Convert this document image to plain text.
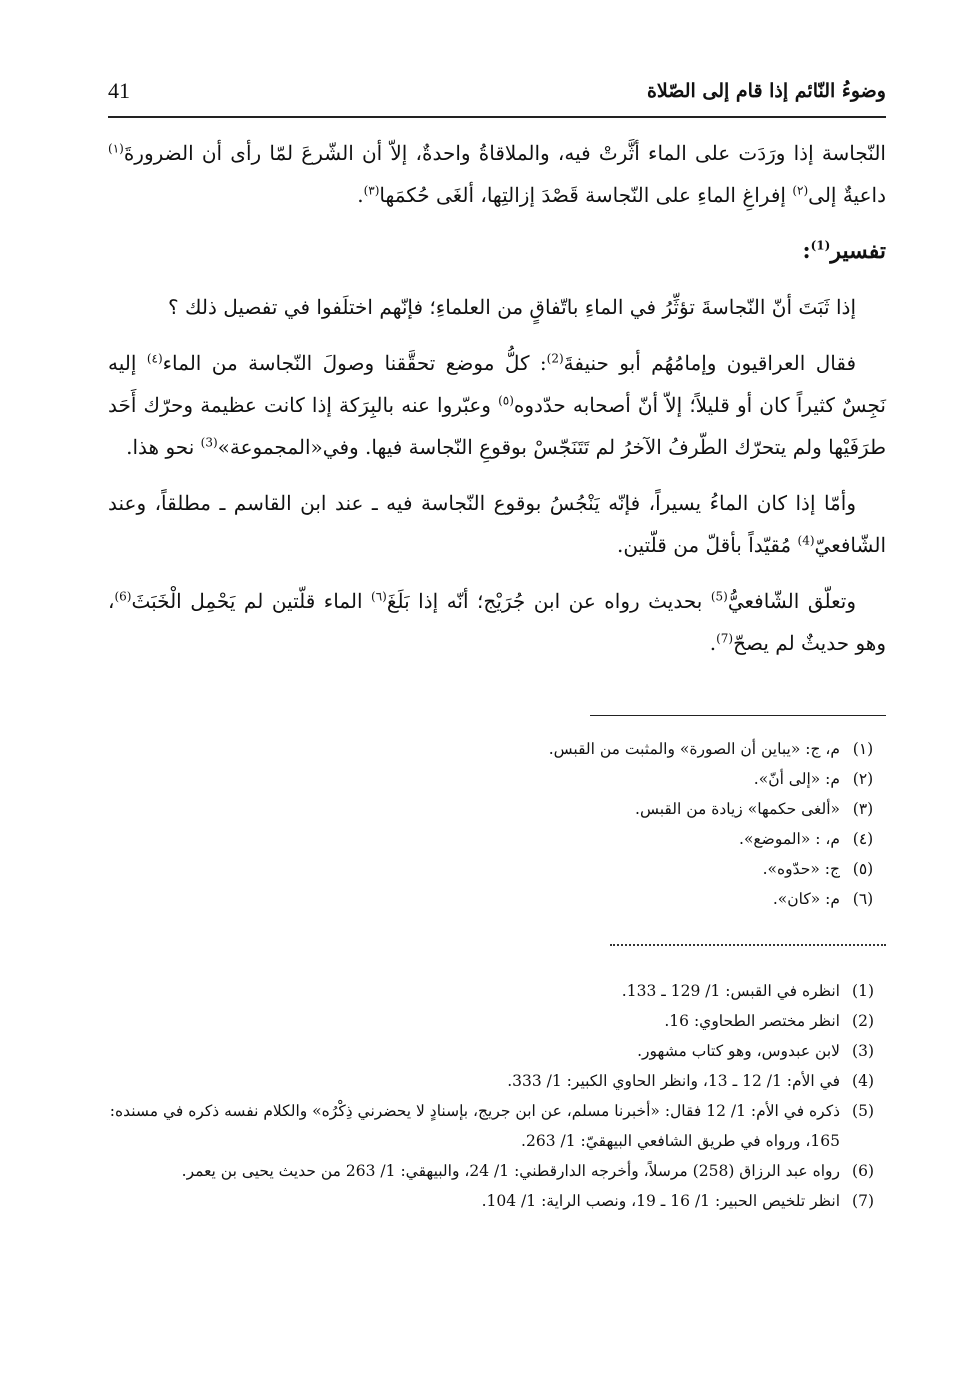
وضوءُ النّائم إذا قام إلى الصّلاة
41

النّجاسة إذا ورَدَت على الماء أثَّرتْ فيه، والملاقاةُ واحدةٌ، إلاّ أن الشّرعَ لمّا رأى أن الضرورةَ$^{(١)}$ داعيةٌ إلى$^{(٢)}$ إفراغِ الماءِ على النّجاسة قَصْدَ إزالتِها، ألغَى حُكمَها$^{(٣)}$.

تفسير$^{(1)}$:

إذا ثَبَتَ أنّ النّجاسةَ تؤثِّرُ في الماءِ باتّفاقٍ من العلماءِ؛ فإنّهم اختلَفوا في تفصيل ذلك ؟

فقال العراقيون وإمامُهُم أبو حنيفةَ$^{(2)}$: كلُّ موضع تحقَّقنا وصولَ النّجاسة من الماء$^{(٤)}$ إليه نَجِسٌ كثيراً كان أو قليلاً؛ إلاّ أنّ أصحابه حدّدوه$^{(٥)}$ وعبّروا عنه بالبِرَكة إذا كانت عظيمة وحرّك أَحَد طرَفَيْها ولم يتحرّك الطّرفُ الآخرُ لم تَتَنَجّسْ بوقوعِ النّجاسة فيها. وفي«المجموعة»$^{(3)}$ نحو هذا.

وأمّا إذا كان الماءُ يسيراً، فإنّه يَنْجُسُ بوقوع النّجاسة فيه ـ عند ابن القاسم ـ مطلقاً، وعند الشّافعيّ$^{(4)}$ مُقيّداً بأقلّ من قلّتين.

وتعلّق الشّافعيُّ$^{(5)}$ بحديث رواه عن ابن جُرَيْج؛ أنّه إذا بَلَغَ$^{(٦)}$ الماء قلّتين لم يَحْمِل الْخَبَثَ$^{(6)}$، وهو حديثٌ لم يصحّ$^{(7)}$.

(١)
م، ج: «يباين أن الصورة» والمثبت من القبس.
(٢)
م: «إلى أنّ».
(٣)
«ألغى حكمها» زيادة من القبس.
(٤)
م، : «الموضع».
(٥)
ج: «حدّوه».
(٦)
م: «كان».
(1)
انظره في القبس: 1/ 129 ـ 133.
(2)
انظر مختصر الطحاوي: 16.
(3)
لابن عبدوس، وهو كتاب مشهور.
(4)
في الأم: 1/ 12 ـ 13، وانظر الحاوي الكبير: 1/ 333.
(5)
ذكره في الأم: 1/ 12 فقال: «أخبرنا مسلم، عن ابن جريج، بإسنادٍ لا يحضرني ذِكْرُه» والكلام نفسه ذكره في مسنده: 165، ورواه في طريق الشافعي البيهقيّ: 1/ 263.
(6)
رواه عبد الرزاق (258) مرسلاً، وأخرجه الدارقطني: 1/ 24، والبيهقي: 1/ 263 من حديث يحيى بن يعمر.
(7)
انظر تلخيص الحبير: 1/ 16 ـ 19، ونصب الراية: 1/ 104.
